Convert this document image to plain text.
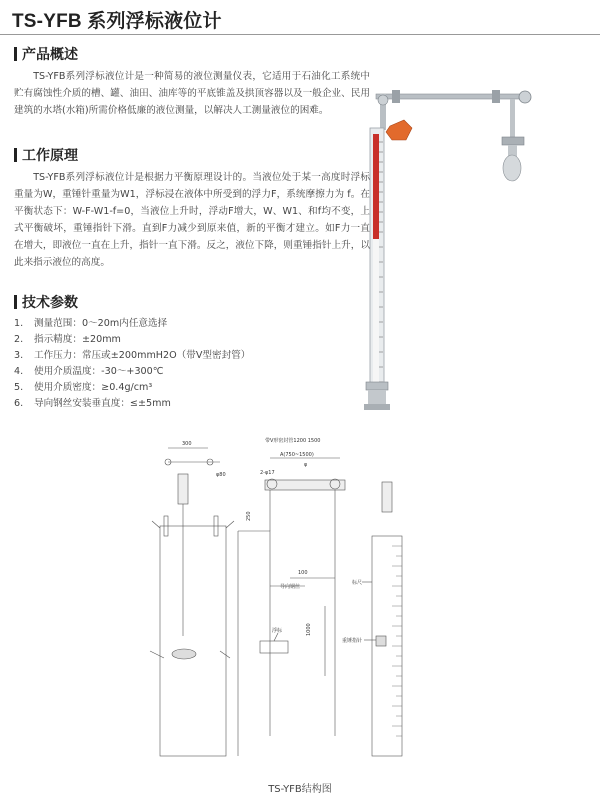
TS-YFB 系列浮标液位计
产品概述

TS-YFB系列浮标液位计是一种简易的液位测量仪表，它适用于石油化工系统中贮有腐蚀性介质的槽、罐、油田、油库等的平底锥盖及拱顶容器以及一般企业、民用建筑的水塔(水箱)所需价格低廉的液位测量，以解决人工测量液位的困难。

工作原理

TS-YFB系列浮标液位计是根据力平衡原理设计的。当液位处于某一高度时浮标重量为W，重锤针重量为W1，浮标浸在液体中所受到的浮力F，系统摩擦力为 f。在平衡状态下：W-F-W1-f=0，当液位上升时，浮动F增大，W、W1、和f均不变，上式平衡破坏，重锤指针下滑。直到F力减少到原来值，新的平衡才建立。如F力一直在增大，即液位一直在上升，指针一直下滑。反之，液位下降，则重锤指针上升，以此来指示液位的高度。

技术参数
1.	测量范围：0～20m内任意选择
2.	指示精度：±20mm
3.	工作压力：常压或±200mmH2O（带V型密封管）
4.	使用介质温度：-30～+300℃
5.	使用介质密度：≥0.4g/cm³
6.	导向钢丝安装垂直度：≤±5mm
300
φ80	2-φ17
带V形密封管1200 1500
A(750~1500)
φ
250
100
导向钢丝
1000
浮标
标尺
重锤指针
TS-YFB结构图
